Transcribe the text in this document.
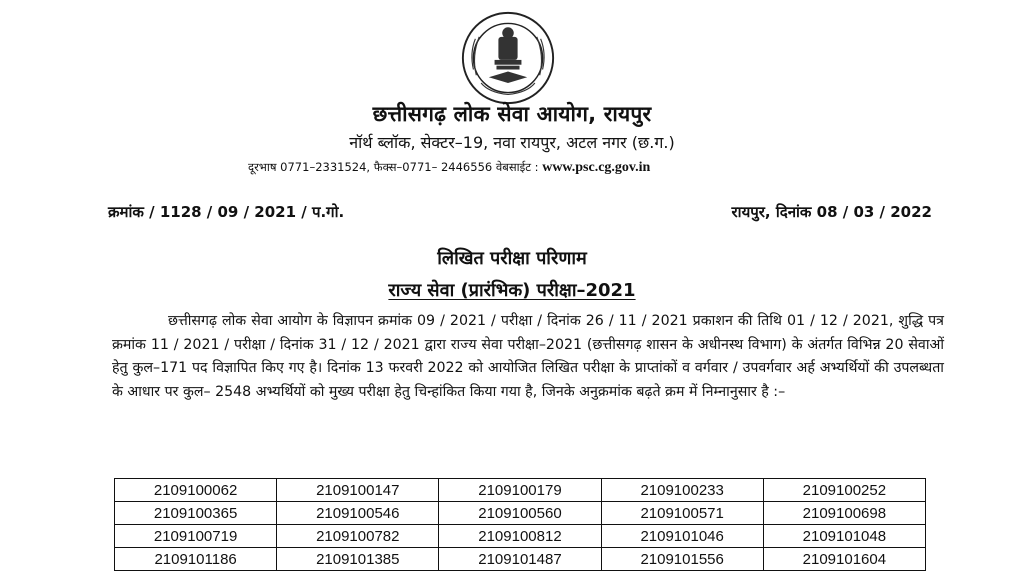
छत्तीसगढ़ लोक सेवा आयोग, रायपुर
नॉर्थ ब्लॉक, सेक्टर–19, नवा रायपुर, अटल नगर (छ.ग.)
दूरभाष 0771–2331524, फैक्स–0771– 2446556 वेबसाईट : www.psc.cg.gov.in
क्रमांक / 1128 / 09 / 2021 / प.गो.	रायपुर, दिनांक 08 / 03 / 2022
लिखित परीक्षा परिणाम
राज्य सेवा (प्रारंभिक) परीक्षा–2021
छत्तीसगढ़ लोक सेवा आयोग के विज्ञापन क्रमांक 09 / 2021 / परीक्षा / दिनांक 26 / 11 / 2021 प्रकाशन की तिथि 01 / 12 / 2021, शुद्धि पत्र क्रमांक 11 / 2021 / परीक्षा / दिनांक 31 / 12 / 2021 द्वारा राज्य सेवा परीक्षा–2021 (छत्तीसगढ़ शासन के अधीनस्थ विभाग) के अंतर्गत विभिन्न 20 सेवाओं हेतु कुल–171 पद विज्ञापित किए गए है। दिनांक 13 फरवरी 2022 को आयोजित लिखित परीक्षा के प्राप्तांकों व वर्गवार / उपवर्गवार अर्ह अभ्यर्थियों की उपलब्धता के आधार पर कुल– 2548 अभ्यर्थियों को मुख्य परीक्षा हेतु चिन्हांकित किया गया है, जिनके अनुक्रमांक बढ़ते क्रम में निम्नानुसार है :–
2109100062	2109100147	2109100179	2109100233	2109100252
2109100365	2109100546	2109100560	2109100571	2109100698
2109100719	2109100782	2109100812	2109101046	2109101048
2109101186	2109101385	2109101487	2109101556	2109101604
